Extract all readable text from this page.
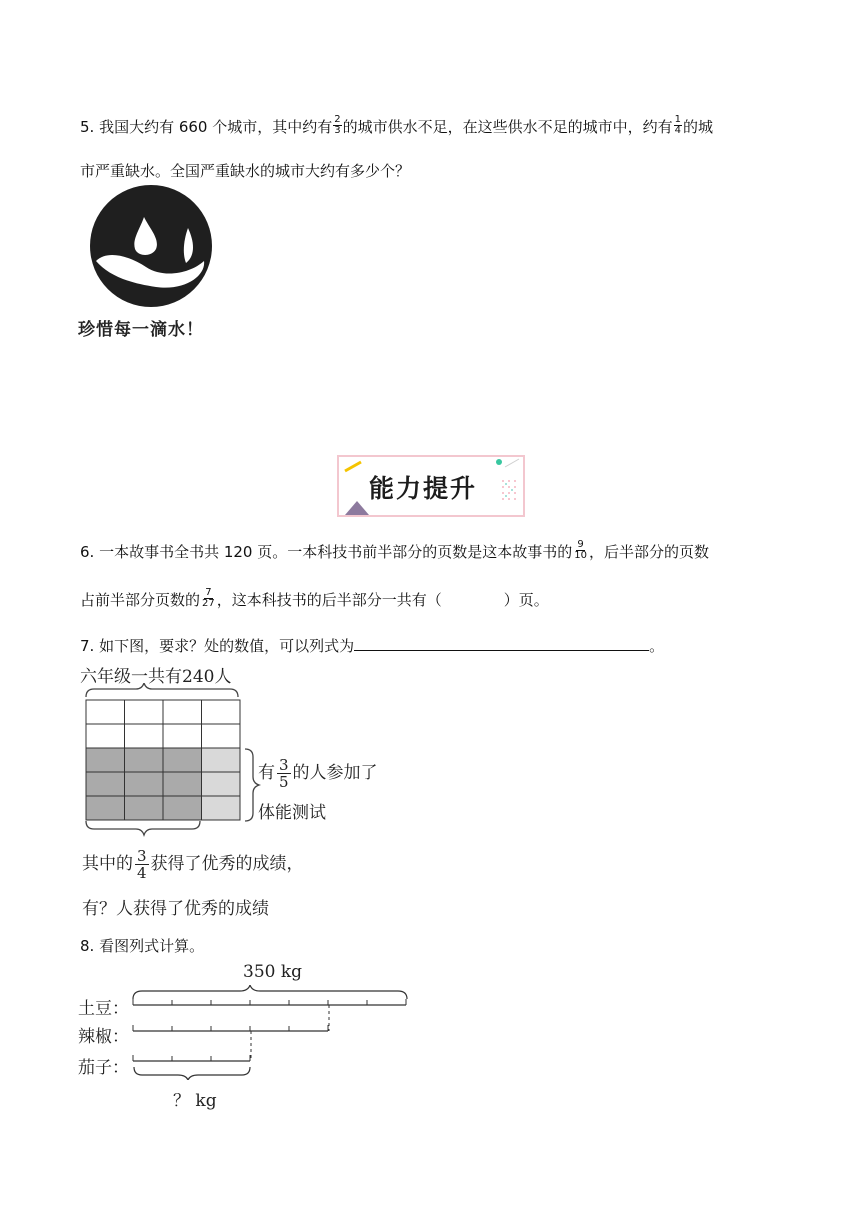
5. 我国大约有 660 个城市，其中约有 $\frac{2}{3}$ 的城市供水不足，在这些供水不足的城市中，约有 $\frac{1}{4}$ 的城
市严重缺水。全国严重缺水的城市大约有多少个？
珍惜每一滴水！
能力提升
6. 一本故事书全书共 120 页。一本科技书前半部分的页数是这本故事书的 $\frac{9}{10}$ ，后半部分的页数
占前半部分页数的 $\frac{7}{27}$ ，这本科技书的后半部分一共有（	）页。
7. 如下图，要求？处的数值，可以列式为	。
六年级一共有240人
有 $\frac{3}{5}$ 的人参加了
体能测试
其中的 $\frac{3}{4}$ 获得了优秀的成绩，
有？人获得了优秀的成绩
8. 看图列式计算。
350 kg
土豆：
辣椒：
茄子：
？ kg
